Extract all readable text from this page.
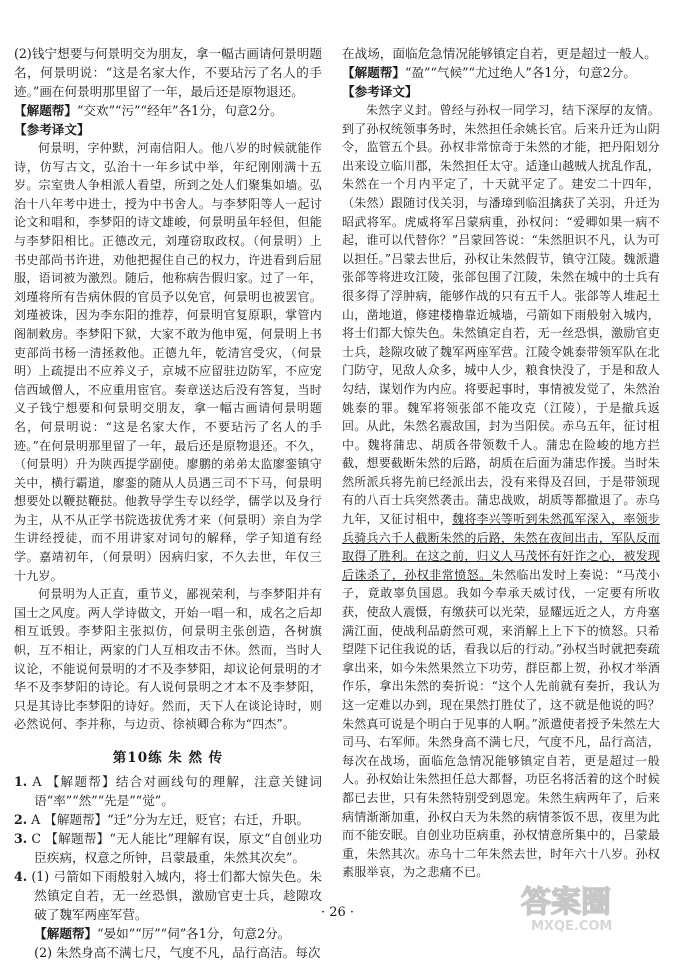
(2)钱宁想要与何景明交为朋友，拿一幅古画请何景明题名，何景明说：“这是名家大作，不要玷污了名人的手迹。”画在何景明那里留了一年，最后还是原物退还。

【解题帮】“交欢”“污”“经年”各1分，句意2分。

【参考译文】

何景明，字仲默，河南信阳人。他八岁的时候就能作诗，仿写古文，弘治十一年乡试中举，年纪刚刚满十五岁。宗室贵人争相派人看望，所到之处人们聚集如墙。弘治十八年考中进士，授为中书舍人。与李梦阳等人一起讨论文和唱和，李梦阳的诗文雄峻，何景明虽年轻但，但能与李梦阳相比。正德改元，刘瑾窃取政权。（何景明）上书史部尚书许进，劝他把握住自己的权力，许进看到后屈服，语词被为激烈。随后，他称病告假归家。过了一年，刘瑾将所有告病休假的官员予以免官，何景明也被罢官。刘瑾被诛，因为李东阳的推荐，何景明官复原职，掌管内阁制敕房。李梦阳下狱，大家不敢为他申冤，何景明上书吏部尚书杨一清拯救他。正德九年，乾清宫受灾，（何景明）上疏提出不应养义子，京城不应留驻边防军，不应宠信西域僧人，不应重用宦官。奏章送达后没有答复，当时义子钱宁想要和何景明交朋友，拿一幅古画请何景明题名，何景明说：“这是名家大作，不要玷污了名人的手迹。”在何景明那里留了一年，最后还是原物退还。不久，（何景明）升为陕西提学副使。廖鹏的弟弟太监廖銮镇守关中，横行霸道，廖銮的随从人员遇三司不下马，何景明想要处以鞭挞鞭挞。他教导学生专以经学，儒学以及身行为主，从不从正学书院选拔优秀才来（何景明）亲自为学生讲经授徒，而不用讲家对词句的解释，学子知道有经学。嘉靖初年，（何景明）因病归家，不久去世，年仅三十九岁。

何景明为人正直，重节义，鄙视荣利，与李梦阳并有国士之风度。两人学诗做文，开始一唱一和，成名之后却相互诋毁。李梦阳主张拟仿，何景明主张创造，各树旗帜，互不相让，两家的门人互相攻击不休。然而，当时人议论，不能说何景明的才不及李梦阳，却议论何景明的才华不及李梦阳的诗论。有人说何景明之才本不及李梦阳，只是其诗比李梦阳的诗好。然而，天下人在谈论诗时，则必然说何、李并称，与边贡、徐祯卿合称为“四杰”。

第10练 朱 然 传

1. A 【解题帮】结合对画线句的理解，注意关键词语“率”“然”“先是”“觉”。

2. A 【解题帮】“迁”分为左迁，贬官；右迁，升职。

3. C 【解题帮】“无人能比”理解有误，原文“自创业功臣疾病，权意之所钟，吕蒙最重，朱然其次矣”。

4. (1) 弓箭如下雨般射入城内，将士们都大惊失色。朱然镇定自若，无一丝恐惧，激励官吏士兵，趁隙攻破了魏军两座军营。

【解题帮】“晏如”“厉”“伺”各1分，句意2分。

(2) 朱然身高不满七尺，气度不凡，品行高洁。每次

在战场，面临危急情况能够镇定自若，更是超过一般人。

【解题帮】“盈”“气候”“尤过绝人”各1分，句意2分。

【参考译文】

朱然字义封。曾经与孙权一同学习，结下深厚的友情。到了孙权统领事务时，朱然担任余姚长官。后来升迁为山阴令，监管五个县。孙权非常惊奇于朱然的才能，把丹阳划分出来设立临川郡，朱然担任太守。适逢山越贼人扰乱作乱，朱然在一个月内平定了，十天就平定了。建安二十四年，（朱然）跟随讨伐关羽，与潘璋到临沮擒获了关羽，升迁为昭武将军。虎威将军吕蒙病重，孙权问：“爱卿如果一病不起，谁可以代替你？”吕蒙回答说：“朱然胆识不凡，认为可以担任。”吕蒙去世后，孙权让朱然假节，镇守江陵。魏派遣张郃等将进攻江陵，张郃包围了江陵，朱然在城中的士兵有很多得了浮肿病，能够作战的只有五千人。张郃等人堆起土山，凿地道，修建楼橹靠近城墙，弓箭如下雨般射入城内，将士们都大惊失色。朱然镇定自若，无一丝恐惧，激励官吏士兵，趁隙攻破了魏军两座军营。江陵令姚泰带领军队在北门防守，见敌人众多，城中人少，粮食快没了，于是和敌人勾结，谋划作为内应。将要起事时，事情被发觉了，朱然治姚泰的罪。魏军将领张郃不能攻克（江陵），于是撤兵返回。从此，朱然名震敌国，封为当阳侯。赤乌五年，征讨柤中。魏将蒲忠、胡质各带领数千人。蒲忠在险峻的地方拦截，想要截断朱然的后路，胡质在后面为蒲忠作援。当时朱然所派兵将先前已经派出去，没有来得及召回，于是带领现有的八百士兵突然袭击。蒲忠战败，胡质等都撤退了。赤乌九年，又征讨柤中，魏将李兴等听到朱然孤军深入，率领步兵骑兵六千人截断朱然的后路，朱然在夜间出击，军队反而取得了胜利。在这之前，归义人马茂怀有奸诈之心，被发现后诛杀了，孙权非常愤怒。朱然临出发时上奏说：“马茂小子，竟敢辜负国恩。我如今奉承天威讨伐，一定要有所收获，使敌人震慑，有缴获可以光荣，显耀远近之人，方舟塞满江面，使战利品蔚然可观，来消解上上下下的愤怒。只希望陛下记住我说的话，看我以后的行动。”孙权当时就把奏疏拿出来，如今朱然果然立下功劳，群臣都上贺，孙权才举酒作乐，拿出朱然的奏折说：“这个人先前就有奏折，我认为这一定难以办到，现在果然打胜仗了，这不就是他说的吗？朱然真可说是个明白于见事的人啊。”派遣使者授予朱然左大司马、右军师。朱然身高不满七尺，气度不凡，品行高洁，每次在战场，面临危急情况能够镇定自若，更是超过一般人。孙权始让朱然担任总大都督，功臣名将活着的这个时候都已去世，只有朱然特别受到恩宠。朱然生病两年了，后来病情渐渐加重，孙权白天为朱然的病情茶饭不思，夜里为此而不能安眠。自创业功臣病重，孙权情意所集中的，吕蒙最重，朱然其次。赤乌十二年朱然去世，时年六十八岁。孙权素服举哀，为之悲痛不已。

· 26 ·	答案圈
MXQE.COM
